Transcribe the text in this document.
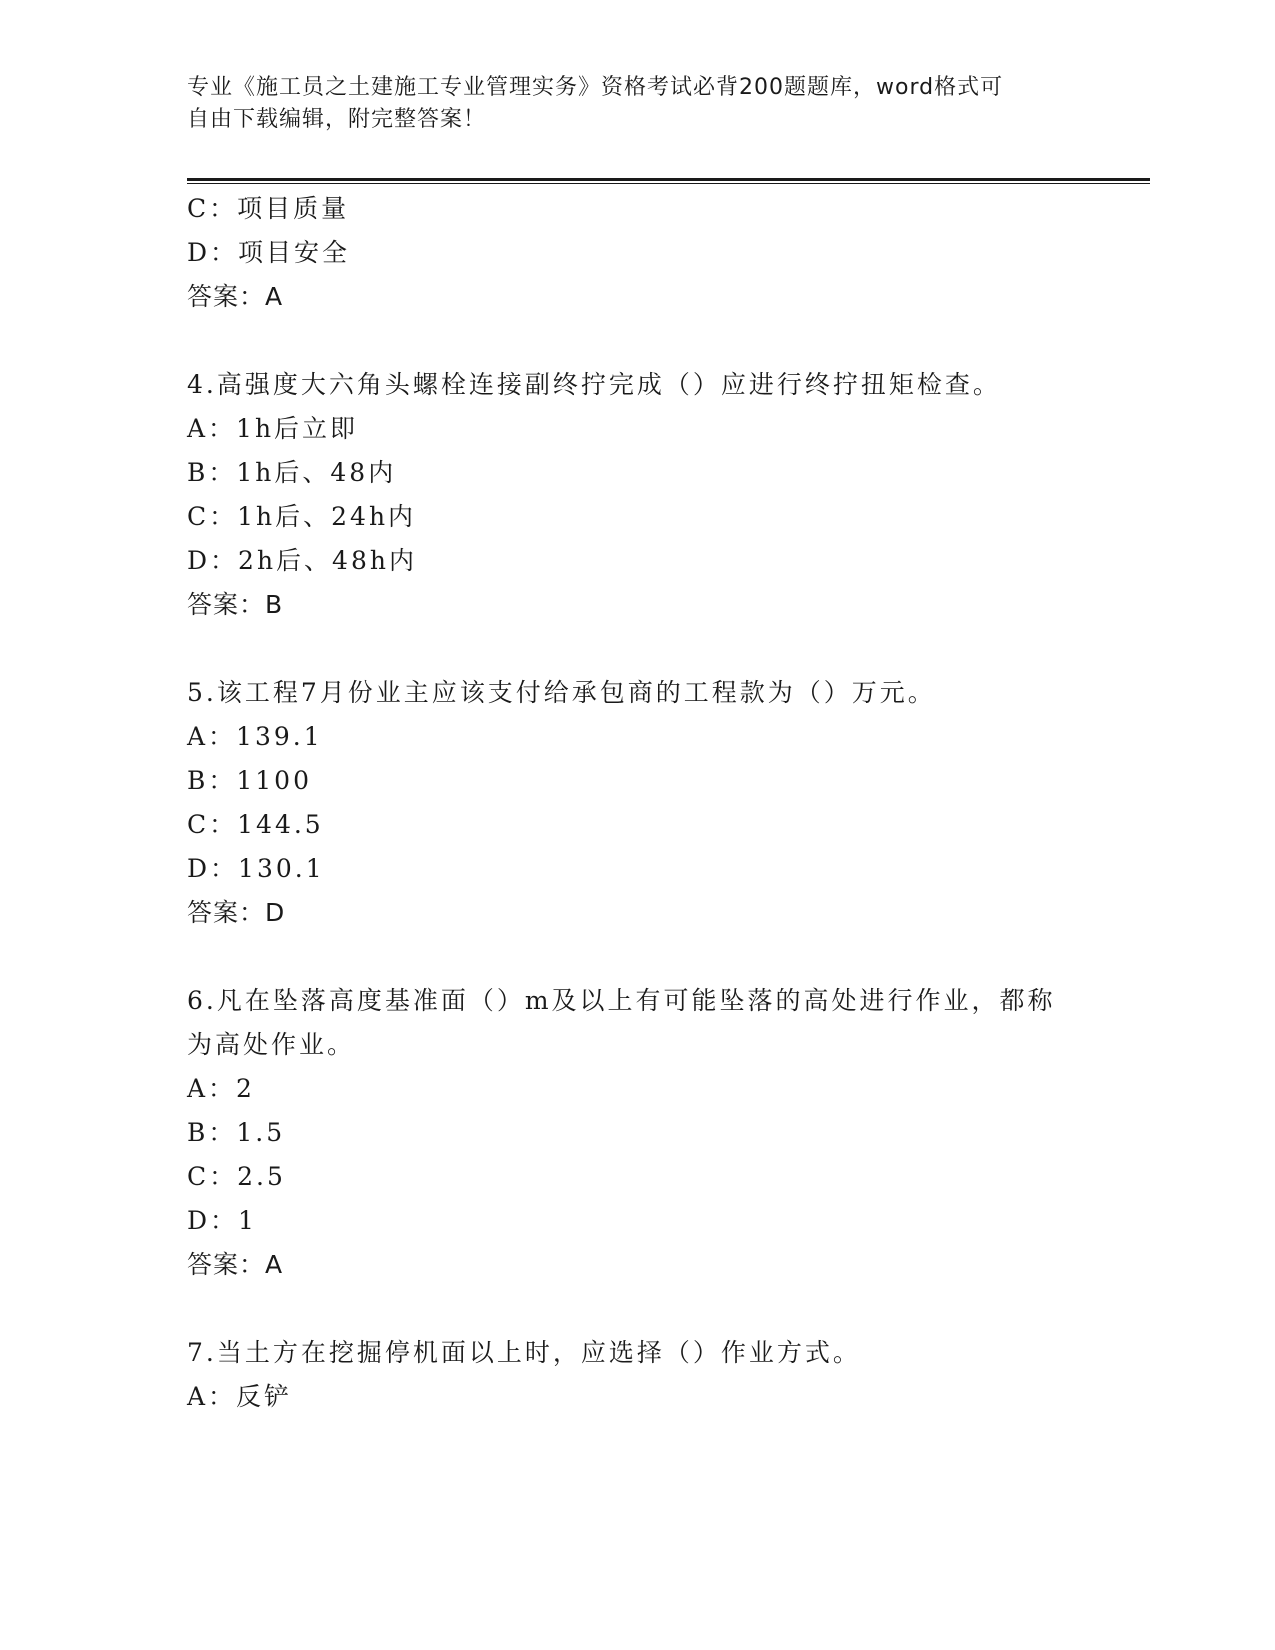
专业《施工员之土建施工专业管理实务》资格考试必背200题题库，word格式可
自由下载编辑，附完整答案！
C：项目质量
D：项目安全
答案：A
4.高强度大六角头螺栓连接副终拧完成（）应进行终拧扭矩检查。
A：1h后立即
B：1h后、48内
C：1h后、24h内
D：2h后、48h内
答案：B
5.该工程7月份业主应该支付给承包商的工程款为（）万元。
A：139.1
B：1100
C：144.5
D：130.1
答案：D
6.凡在坠落高度基准面（）m及以上有可能坠落的高处进行作业，都称
为高处作业。
A：2
B：1.5
C：2.5
D：1
答案：A
7.当土方在挖掘停机面以上时，应选择（）作业方式。
A：反铲
